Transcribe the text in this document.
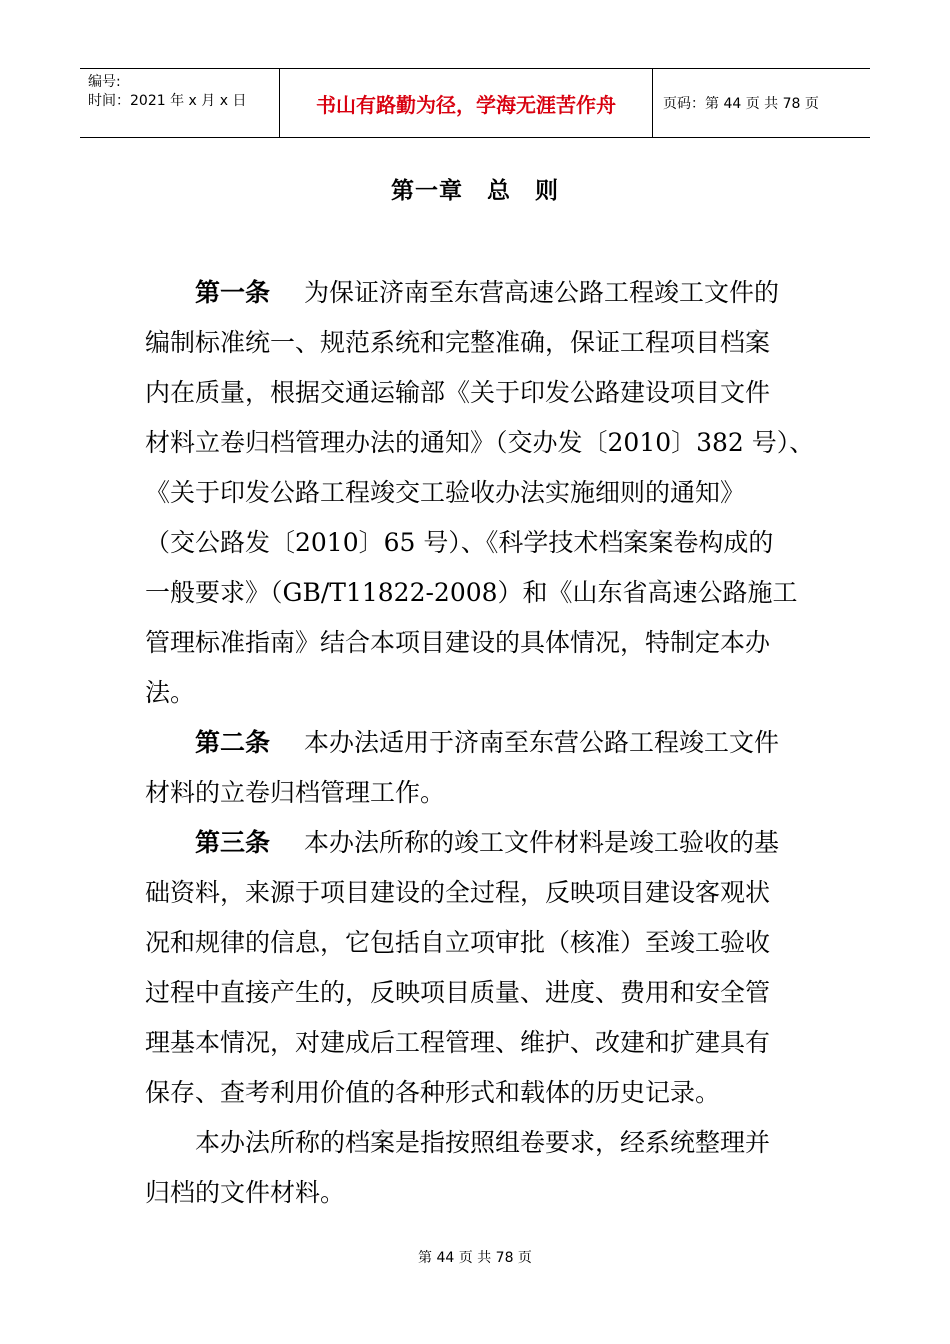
编号:
时间：2021 年 x 月 x 日	书山有路勤为径，学海无涯苦作舟	页码：第 44 页 共 78 页
第一章　总　则
第一条 为保证济南至东营高速公路工程竣工文件的
编制标准统一、规范系统和完整准确，保证工程项目档案
内在质量，根据交通运输部《关于印发公路建设项目文件
材料立卷归档管理办法的通知》（交办发〔2010〕382 号）、
《关于印发公路工程竣交工验收办法实施细则的通知》
（交公路发〔2010〕65 号）、《科学技术档案案卷构成的
一般要求》（GB/T11822-2008）和《山东省高速公路施工
管理标准指南》结合本项目建设的具体情况，特制定本办
法。
第二条 本办法适用于济南至东营公路工程竣工文件
材料的立卷归档管理工作。
第三条 本办法所称的竣工文件材料是竣工验收的基
础资料，来源于项目建设的全过程，反映项目建设客观状
况和规律的信息，它包括自立项审批（核准）至竣工验收
过程中直接产生的，反映项目质量、进度、费用和安全管
理基本情况，对建成后工程管理、维护、改建和扩建具有
保存、查考利用价值的各种形式和载体的历史记录。
本办法所称的档案是指按照组卷要求，经系统整理并
归档的文件材料。
第 44 页 共 78 页
